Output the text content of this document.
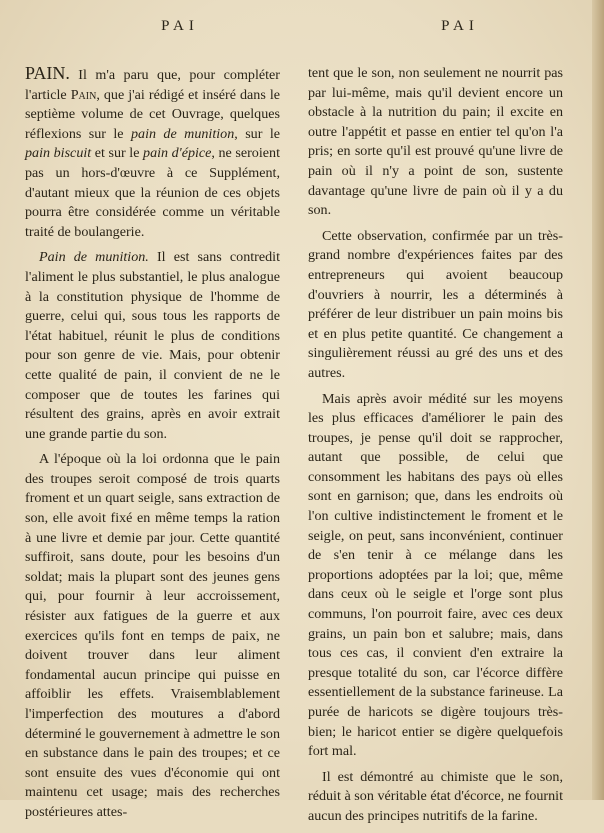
PAI	PAI

PAIN. Il m'a paru que, pour compléter l'article Pain, que j'ai rédigé et inséré dans le septième volume de cet Ouvrage, quelques réflexions sur le pain de munition, sur le pain biscuit et sur le pain d'épice, ne seroient pas un hors-d'œuvre à ce Supplément, d'autant mieux que la réunion de ces objets pourra être considérée comme un véritable traité de boulangerie.

Pain de munition. Il est sans contredit l'aliment le plus substantiel, le plus analogue à la constitution physique de l'homme de guerre, celui qui, sous tous les rapports de l'état habituel, réunit le plus de conditions pour son genre de vie. Mais, pour obtenir cette qualité de pain, il convient de ne le composer que de toutes les farines qui résultent des grains, après en avoir extrait une grande partie du son.

A l'époque où la loi ordonna que le pain des troupes seroit composé de trois quarts froment et un quart seigle, sans extraction de son, elle avoit fixé en même temps la ration à une livre et demie par jour. Cette quantité suffiroit, sans doute, pour les besoins d'un soldat; mais la plupart sont des jeunes gens qui, pour fournir à leur accroissement, résister aux fatigues de la guerre et aux exercices qu'ils font en temps de paix, ne doivent trouver dans leur aliment fondamental aucun principe qui puisse en affoiblir les effets. Vraisemblablement l'imperfection des moutures a d'abord déterminé le gouvernement à admettre le son en substance dans le pain des troupes; et ce sont ensuite des vues d'économie qui ont maintenu cet usage; mais des recherches postérieures attes-

tent que le son, non seulement ne nourrit pas par lui-même, mais qu'il devient encore un obstacle à la nutrition du pain; il excite en outre l'appétit et passe en entier tel qu'on l'a pris; en sorte qu'il est prouvé qu'une livre de pain où il n'y a point de son, sustente davantage qu'une livre de pain où il y a du son.

Cette observation, confirmée par un très-grand nombre d'expériences faites par des entrepreneurs qui avoient beaucoup d'ouvriers à nourrir, les a déterminés à préférer de leur distribuer un pain moins bis et en plus petite quantité. Ce changement a singulièrement réussi au gré des uns et des autres.

Mais après avoir médité sur les moyens les plus efficaces d'améliorer le pain des troupes, je pense qu'il doit se rapprocher, autant que possible, de celui que consomment les habitans des pays où elles sont en garnison; que, dans les endroits où l'on cultive indistinctement le froment et le seigle, on peut, sans inconvénient, continuer de s'en tenir à ce mélange dans les proportions adoptées par la loi; que, même dans ceux où le seigle et l'orge sont plus communs, l'on pourroit faire, avec ces deux grains, un pain bon et salubre; mais, dans tous ces cas, il convient d'en extraire la presque totalité du son, car l'écorce diffère essentiellement de la substance farineuse. La purée de haricots se digère toujours très-bien; le haricot entier se digère quelquefois fort mal.

Il est démontré au chimiste que le son, réduit à son véritable état d'écorce, ne fournit aucun des principes nutritifs de la farine.
